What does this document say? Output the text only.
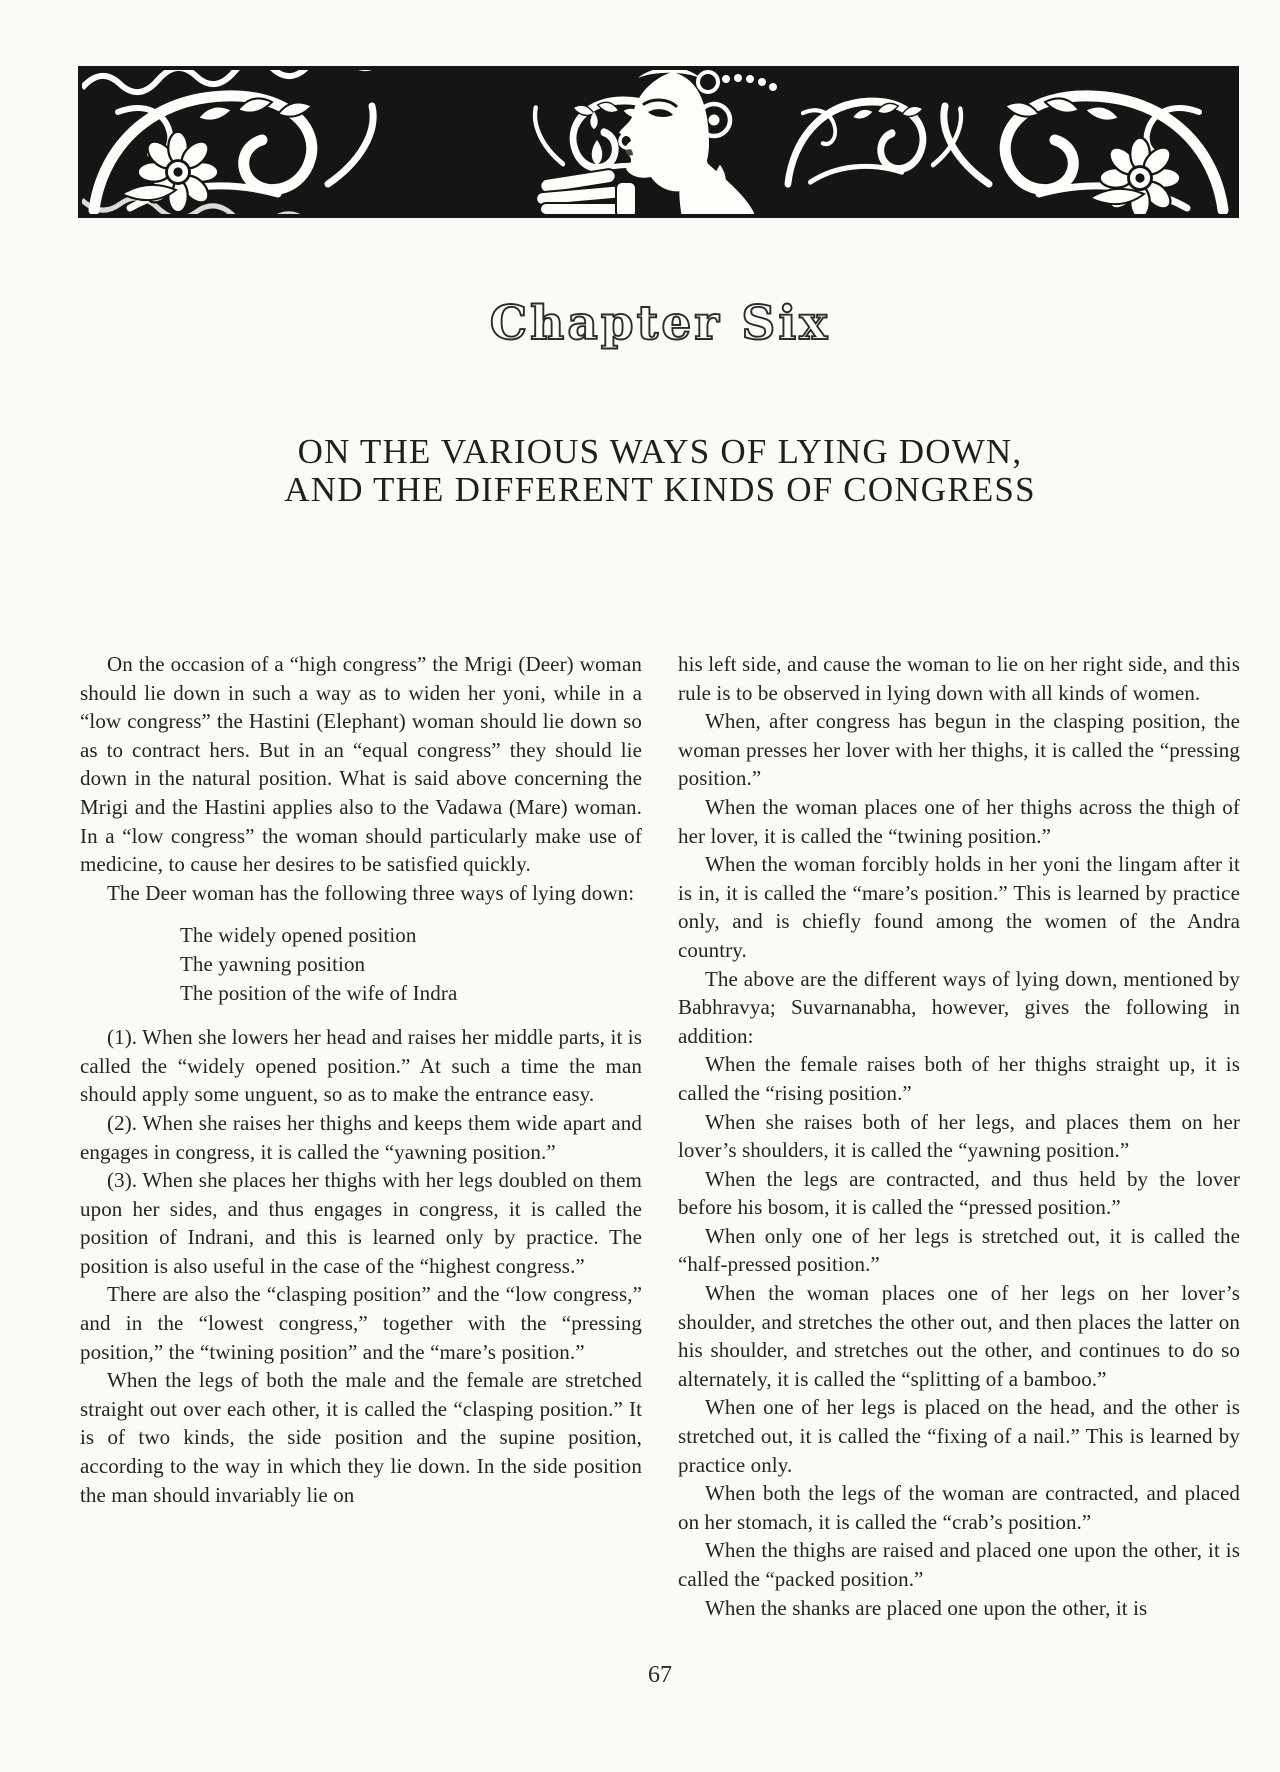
Chapter Six
ON THE VARIOUS WAYS OF LYING DOWN,
AND THE DIFFERENT KINDS OF CONGRESS

On the occasion of a “high congress” the Mrigi (Deer) woman should lie down in such a way as to widen her yoni, while in a “low congress” the Hastini (Elephant) woman should lie down so as to contract hers. But in an “equal congress” they should lie down in the natural position. What is said above concerning the Mrigi and the Hastini applies also to the Vadawa (Mare) woman. In a “low congress” the woman should particularly make use of medicine, to cause her desires to be satisfied quickly.

The Deer woman has the following three ways of lying down:

The widely opened position
The yawning position
The position of the wife of Indra

(1). When she lowers her head and raises her middle parts, it is called the “widely opened position.” At such a time the man should apply some unguent, so as to make the entrance easy.

(2). When she raises her thighs and keeps them wide apart and engages in congress, it is called the “yawning position.”

(3). When she places her thighs with her legs doubled on them upon her sides, and thus engages in congress, it is called the position of Indrani, and this is learned only by practice. The position is also useful in the case of the “highest congress.”

There are also the “clasping position” and the “low congress,” and in the “lowest congress,” together with the “pressing position,” the “twining position” and the “mare’s position.”

When the legs of both the male and the female are stretched straight out over each other, it is called the “clasping position.” It is of two kinds, the side position and the supine position, according to the way in which they lie down. In the side position the man should invariably lie on

his left side, and cause the woman to lie on her right side, and this rule is to be observed in lying down with all kinds of women.

When, after congress has begun in the clasping position, the woman presses her lover with her thighs, it is called the “pressing position.”

When the woman places one of her thighs across the thigh of her lover, it is called the “twining position.”

When the woman forcibly holds in her yoni the lingam after it is in, it is called the “mare’s position.” This is learned by practice only, and is chiefly found among the women of the Andra country.

The above are the different ways of lying down, mentioned by Babhravya; Suvarnanabha, however, gives the following in addition:

When the female raises both of her thighs straight up, it is called the “rising position.”

When she raises both of her legs, and places them on her lover’s shoulders, it is called the “yawning position.”

When the legs are contracted, and thus held by the lover before his bosom, it is called the “pressed position.”

When only one of her legs is stretched out, it is called the “half-pressed position.”

When the woman places one of her legs on her lover’s shoulder, and stretches the other out, and then places the latter on his shoulder, and stretches out the other, and continues to do so alternately, it is called the “splitting of a bamboo.”

When one of her legs is placed on the head, and the other is stretched out, it is called the “fixing of a nail.” This is learned by practice only.

When both the legs of the woman are contracted, and placed on her stomach, it is called the “crab’s position.”

When the thighs are raised and placed one upon the other, it is called the “packed position.”

When the shanks are placed one upon the other, it is

67
